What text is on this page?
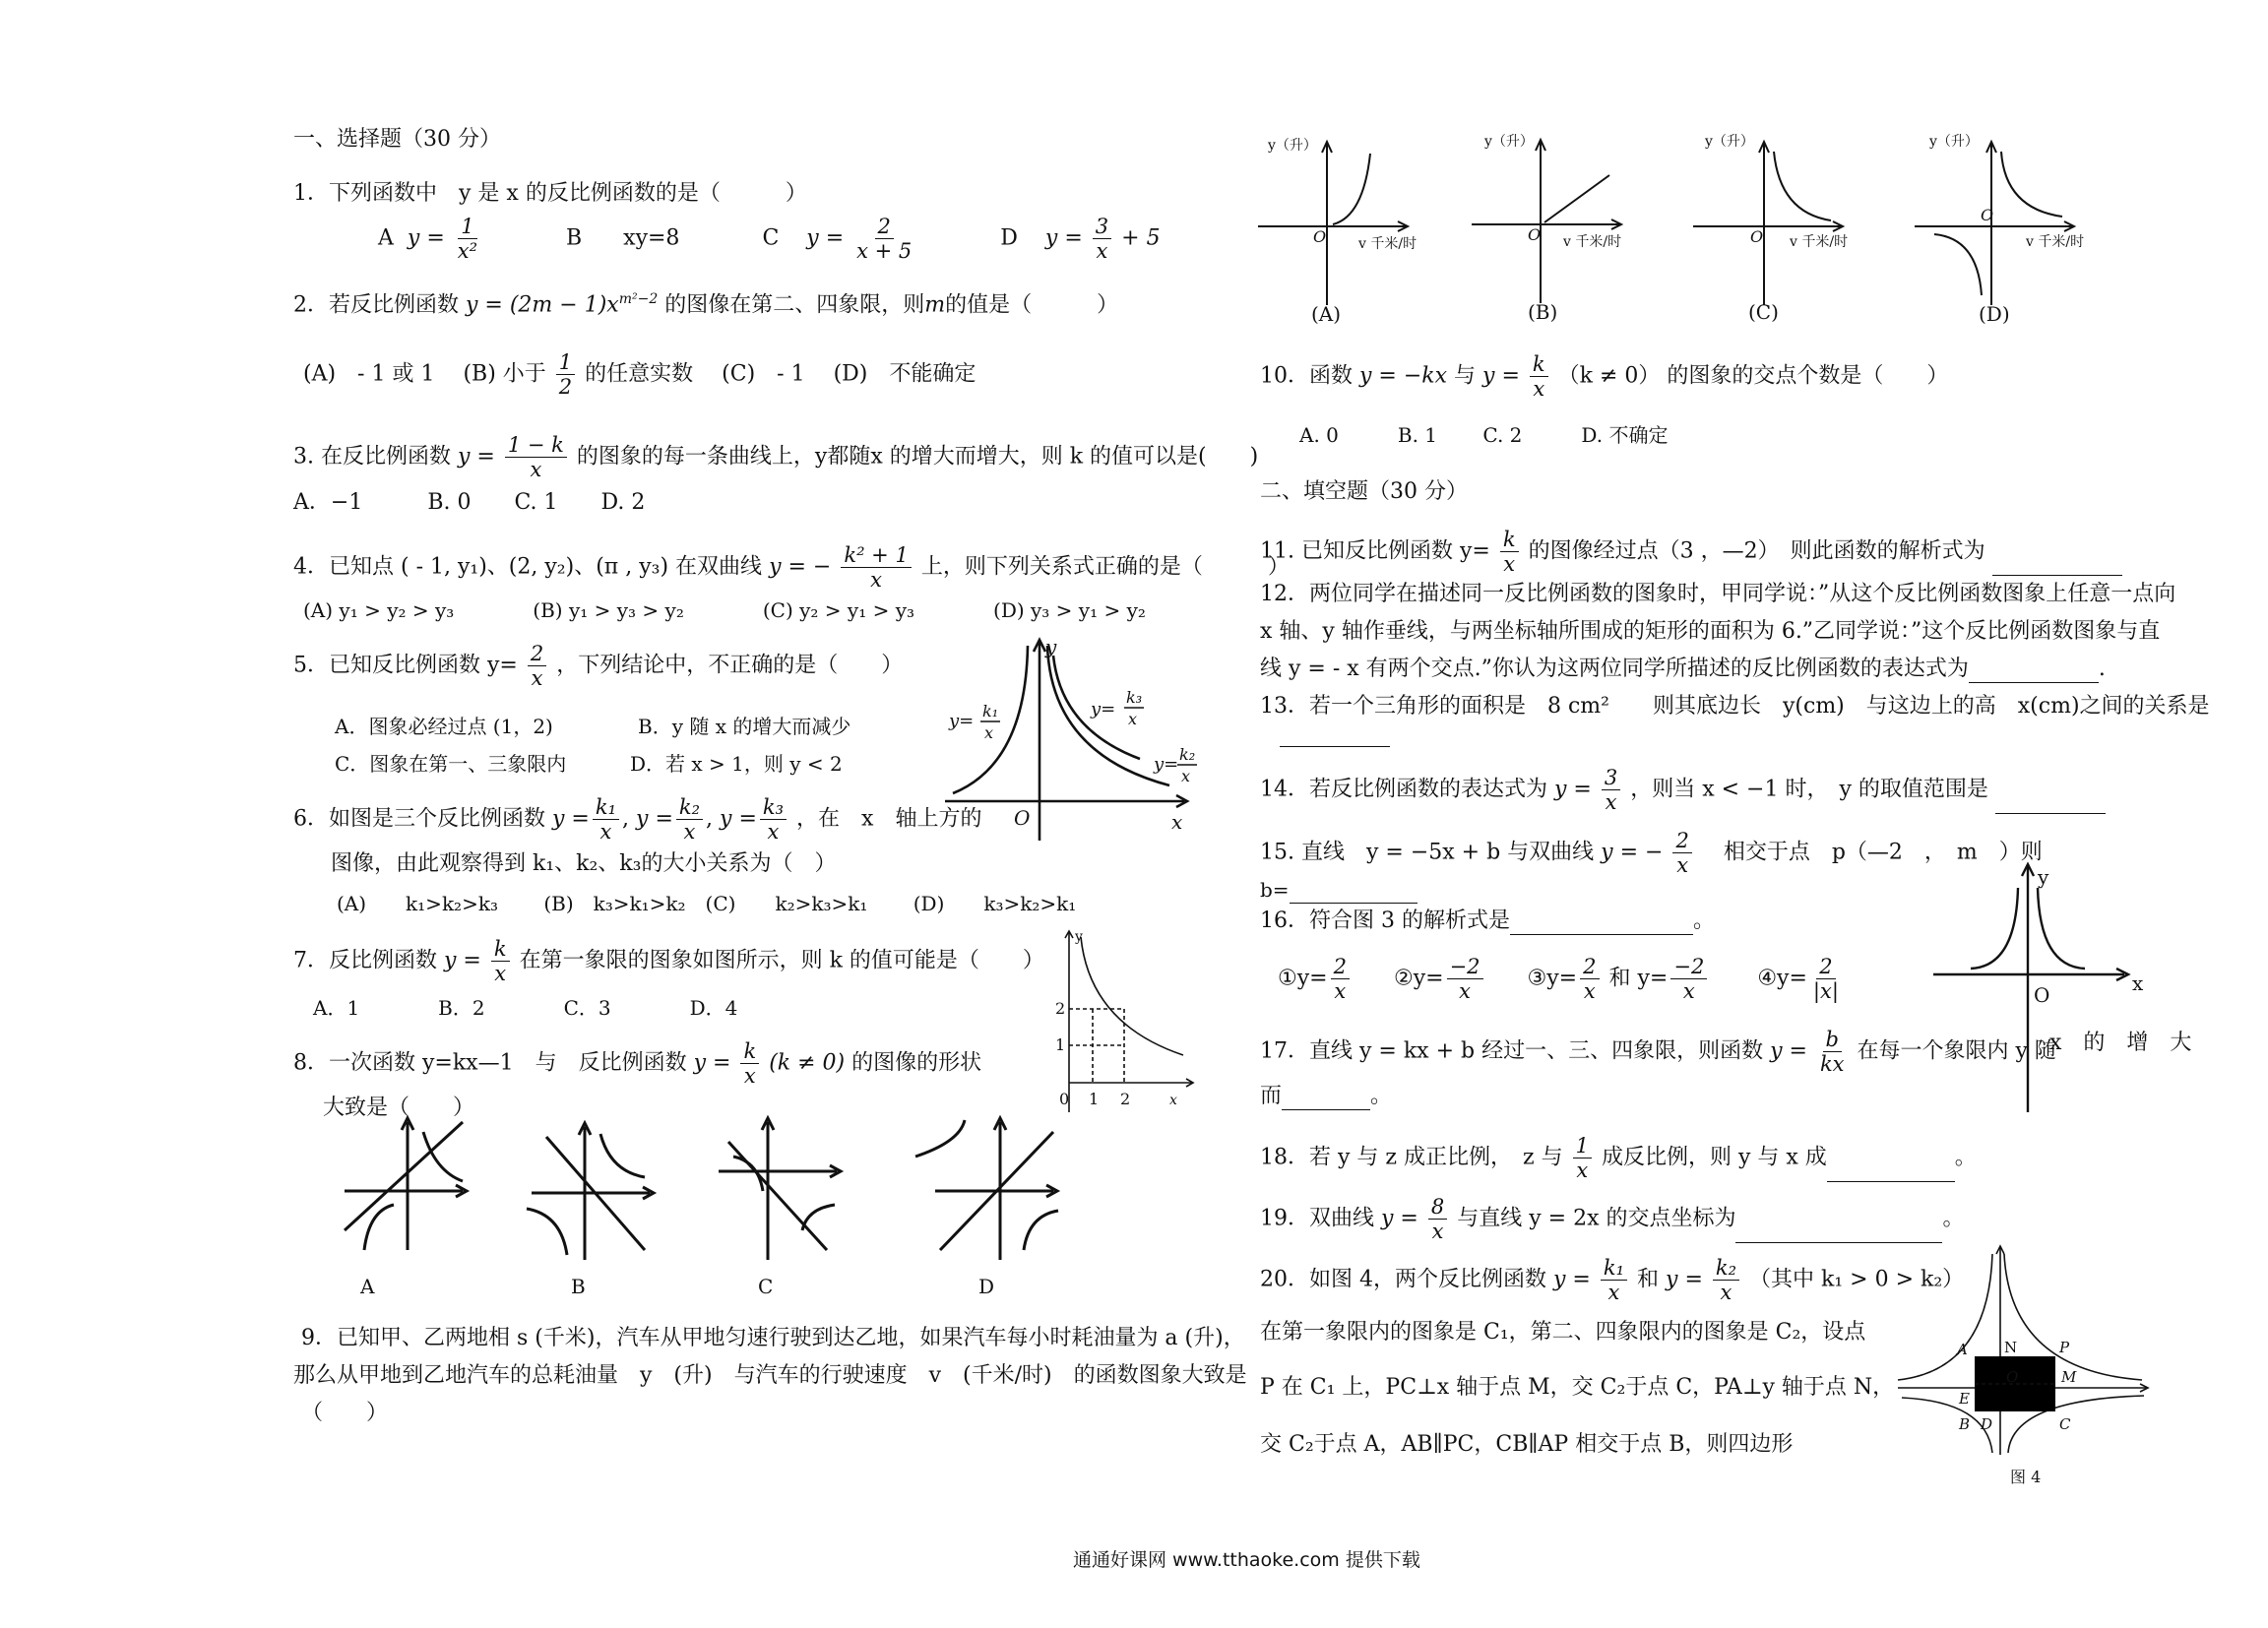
一、选择题（30 分）
1．下列函数中　y 是 x 的反比例函数的是（　　　）
A $y = \frac{1}{\text{x²}}$	B xy=8	C $y = \frac{2}{x + 5}$	D $y = \frac{3}{x} + 5$
2．若反比例函数 $y = (2m - 1)x^{m^2-2}$ 的图像在第二、四象限，则m的值是（　　　）
(A)　- 1 或 1　 (B) 小于 $\frac{1}{2}$ 的任意实数　 (C)　- 1　 (D)　不能确定
3. 在反比例函数 $y = \frac{1 - k}{x}$ 的图象的每一条曲线上，y都随x 的增大而增大，则 k 的值可以是(　　)
A．−1　　　B. 0　　C. 1　　D. 2
4．已知点 ( - 1, y₁)、(2, y₂)、(π , y₃) 在双曲线 y = − $\frac{\text{k² + 1}}{x}$ 上，则下列关系式正确的是（　　　）
(A) y₁ > y₂ > y₃　　　　(B) y₁ > y₃ > y₂　　　　(C) y₂ > y₁ > y₃　　　　(D) y₃ > y₁ > y₂
5．已知反比例函数 $y= \frac{2}{x}$ ，下列结论中，不正确的是（　　）
A．图象必经过点 (1，2)	B．y 随 x 的增大而减少
C．图象在第一、三象限内	D．若 x > 1，则 y < 2
6．如图是三个反比例函数 $y = \frac{\text{k₁}}{x}$ , $y = \frac{\text{k₂}}{x}$ , $y = \frac{\text{k₃}}{x}$ ，在　x　轴上方的
图像，由此观察得到 k₁、k₂、k₃的大小关系为（　）
(A)　　k₁>k₂>k₃　　 (B)　k₃>k₁>k₂　(C)　　k₂>k₃>k₁　　 (D)　　k₃>k₂>k₁
7．反比例函数 $y = \frac{k}{x}$ 在第一象限的图象如图所示，则 k 的值可能是（　　）
A．1　　　　B．2　　　　C．3　　　　D．4
8．一次函数 y=kx—1　与　反比例函数 $y = \frac{k}{x} (k \ne 0)$ 的图像的形状
大致是（　　）
A	B	C	D
9．已知甲、乙两地相 s (千米)，汽车从甲地匀速行驶到达乙地，如果汽车每小时耗油量为 a (升)，
那么从甲地到乙地汽车的总耗油量　y　(升)　与汽车的行驶速度　v　(千米/时)　的函数图象大致是
（　　）
y
x
O
y= k₁
x
y=
k₃
x
y= k₂
x
y
2
1
0 1 2	x
y（升）	y（升）	y（升）	y（升）
v 千米/时	v 千米/时	v 千米/时	v 千米/时
O	O	O
O
(A)	(B)	(C)	(D)
10．函数 y = −kx 与 $y = \frac{k}{x} (k \ne 0)$ 的图象的交点个数是（　　）
A. 0　　　B. 1　　 C. 2　　　D. 不确定
二、填空题（30 分）
11. 已知反比例函数 $y= \frac{k}{x}$ 的图像经过点（3 ，—2）　则此函数的解析式为
12．两位同学在描述同一反比例函数的图象时，甲同学说：”从这个反比例函数图象上任意一点向
x 轴、y 轴作垂线，与两坐标轴所围成的矩形的面积为 6.”乙同学说：”这个反比例函数图象与直
线 y = - x 有两个交点.”你认为这两位同学所描述的反比例函数的表达式为	.
13．若一个三角形的面积是　8 cm²　　则其底边长　y(cm)　与这边上的高　x(cm)之间的关系是
14．若反比例函数的表达式为 $y = \frac{3}{x}$ ，则当 x < −1 时，　y 的取值范围是
15. 直线　y = −5x + b 与双曲线 y = − $\frac{2}{x}$ 　相交于点　p（—2　，　m　）则
b=
16．符合图 3 的解析式是	。
①y= $\frac{2}{x}$ ②y= $\frac{-2}{x}$ ③y= $\frac{2}{x}$ 和 $y= \frac{-2}{x}$ ④y= $\frac{2}{|x|}$
y
x
O
17．直线 y = kx + b 经过一、三、四象限，则函数 $y = \frac{b}{kx}$ 在每一个象限内 y 随
x　的　增　大
而	。
18．若 y 与 z 成正比例，　z 与 $\frac{1}{x}$ 成反比例，则 y 与 x 成	。
19．双曲线 $y = \frac{8}{x}$ 与直线 y = 2x 的交点坐标为	。
20．如图 4，两个反比例函数 $y = \frac{\text{k₁}}{x}$ 和 $y = \frac{\text{k₂}}{x}$ （其中 k₁ > 0 > k₂）
在第一象限内的图象是 C₁，第二、四象限内的图象是 C₂，设点
P 在 C₁ 上，PC⊥x 轴于点 M，交 C₂于点 C，PA⊥y 轴于点 N，
交 C₂于点 A，AB∥PC，CB∥AP 相交于点 B，则四边形
A N	P
E
O	M
B D	C
图 4
通通好课网 www.tthaoke.com 提供下载
